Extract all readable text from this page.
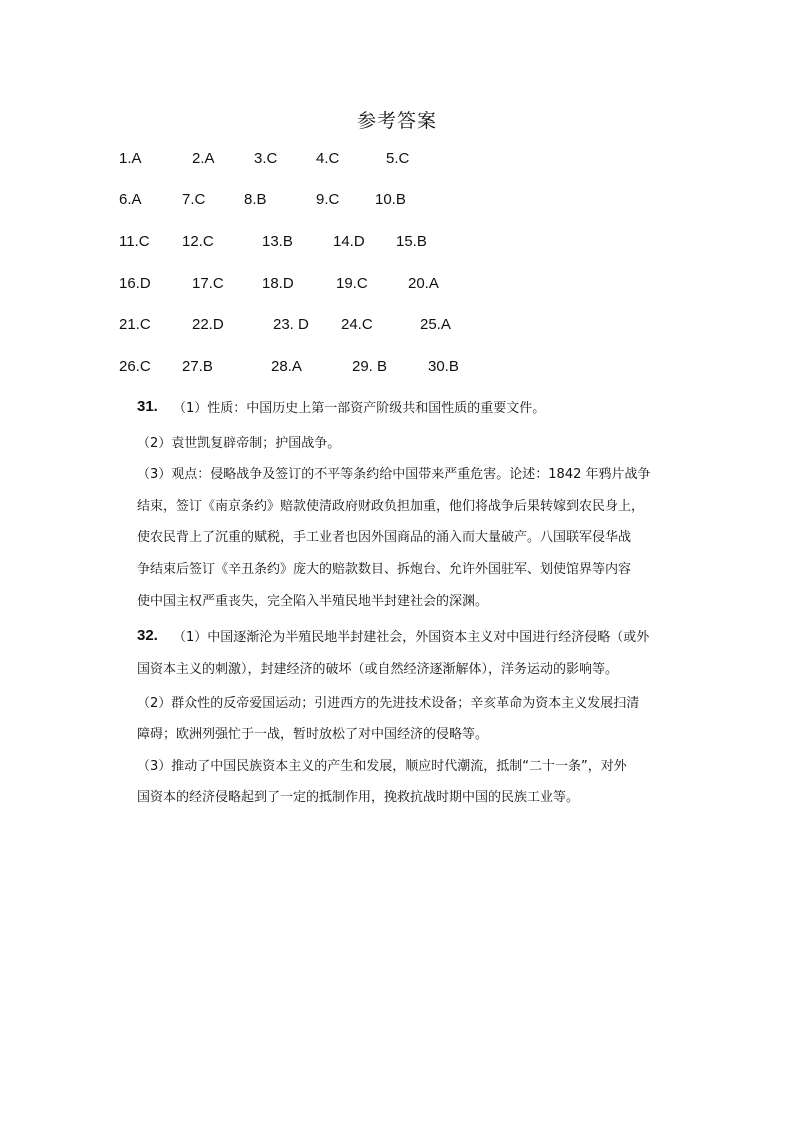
参考答案
1.A	2.A	3.C	4.C	5.C
6.A	7.C	8.B	9.C 10.B
11.C 12.C	13.B	14.D 15.B
16.D	17.C	18.D	19.C	20.A
21.C	22.D	23. D 24.C	25.A
26.C 27.B	28.A	29. B	30.B
31. （1）性质：中国历史上第一部资产阶级共和国性质的重要文件。
（2）袁世凯复辟帝制；护国战争。
（3）观点：侵略战争及签订的不平等条约给中国带来严重危害。论述：1842 年鸦片战争
结束，签订《南京条约》赔款使清政府财政负担加重，他们将战争后果转嫁到农民身上，
使农民背上了沉重的赋税，手工业者也因外国商品的涌入而大量破产。八国联军侵华战
争结束后签订《辛丑条约》庞大的赔款数目、拆炮台、允许外国驻军、划使馆界等内容
使中国主权严重丧失，完全陷入半殖民地半封建社会的深渊。
32. （1）中国逐渐沦为半殖民地半封建社会，外国资本主义对中国进行经济侵略（或外
国资本主义的刺激），封建经济的破坏（或自然经济逐渐解体），洋务运动的影响等。
（2）群众性的反帝爱国运动；引进西方的先进技术设备；辛亥革命为资本主义发展扫清
障碍；欧洲列强忙于一战，暂时放松了对中国经济的侵略等。
（3）推动了中国民族资本主义的产生和发展，顺应时代潮流，抵制“二十一条”，对外
国资本的经济侵略起到了一定的抵制作用，挽救抗战时期中国的民族工业等。
